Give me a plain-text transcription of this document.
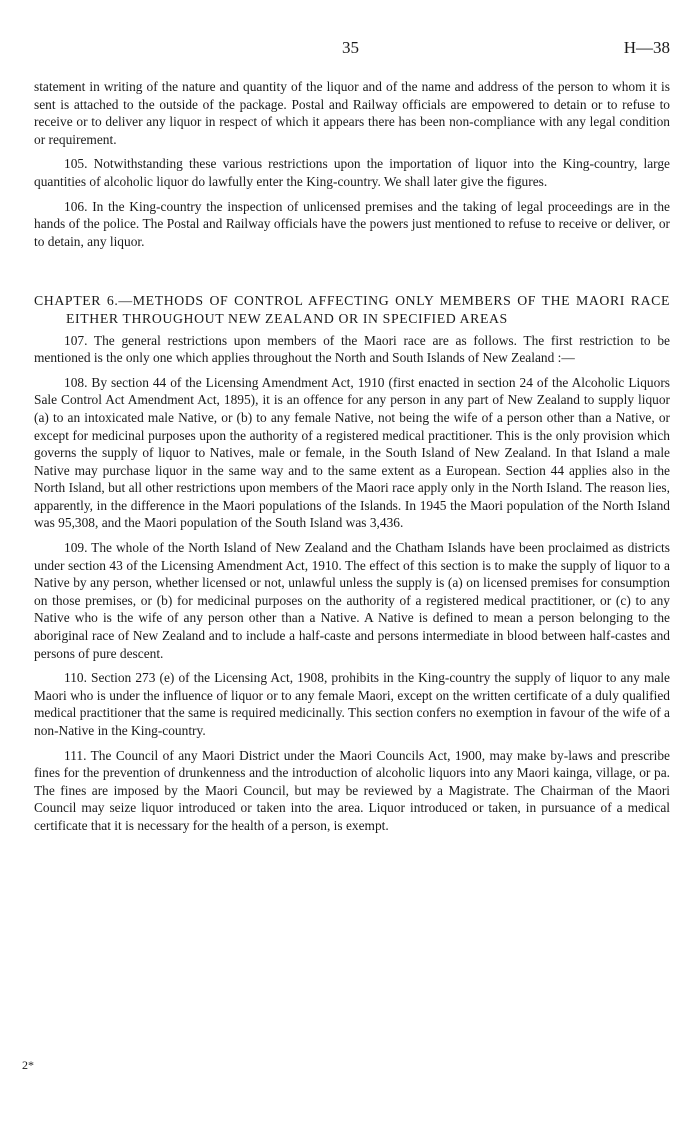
35	H—38

statement in writing of the nature and quantity of the liquor and of the name and address of the person to whom it is sent is attached to the outside of the package. Postal and Railway officials are empowered to detain or to refuse to receive or to deliver any liquor in respect of which it appears there has been non-compliance with any legal condition or requirement.

105. Notwithstanding these various restrictions upon the importation of liquor into the King-country, large quantities of alcoholic liquor do lawfully enter the King-country. We shall later give the figures.

106. In the King-country the inspection of unlicensed premises and the taking of legal proceedings are in the hands of the police. The Postal and Railway officials have the powers just mentioned to refuse to receive or deliver, or to detain, any liquor.

CHAPTER 6.—METHODS OF CONTROL AFFECTING ONLY MEMBERS OF THE MAORI RACE EITHER THROUGHOUT NEW ZEALAND OR IN SPECIFIED AREAS

107. The general restrictions upon members of the Maori race are as follows. The first restriction to be mentioned is the only one which applies throughout the North and South Islands of New Zealand :—

108. By section 44 of the Licensing Amendment Act, 1910 (first enacted in section 24 of the Alcoholic Liquors Sale Control Act Amendment Act, 1895), it is an offence for any person in any part of New Zealand to supply liquor (a) to an intoxicated male Native, or (b) to any female Native, not being the wife of a person other than a Native, or except for medicinal purposes upon the authority of a registered medical practitioner. This is the only provision which governs the supply of liquor to Natives, male or female, in the South Island of New Zealand. In that Island a male Native may purchase liquor in the same way and to the same extent as a European. Section 44 applies also in the North Island, but all other restrictions upon members of the Maori race apply only in the North Island. The reason lies, apparently, in the difference in the Maori populations of the Islands. In 1945 the Maori population of the North Island was 95,308, and the Maori population of the South Island was 3,436.

109. The whole of the North Island of New Zealand and the Chatham Islands have been proclaimed as districts under section 43 of the Licensing Amendment Act, 1910. The effect of this section is to make the supply of liquor to a Native by any person, whether licensed or not, unlawful unless the supply is (a) on licensed premises for consumption on those premises, or (b) for medicinal purposes on the authority of a registered medical practitioner, or (c) to any Native who is the wife of any person other than a Native. A Native is defined to mean a person belonging to the aboriginal race of New Zealand and to include a half-caste and persons intermediate in blood between half-castes and persons of pure descent.

110. Section 273 (e) of the Licensing Act, 1908, prohibits in the King-country the supply of liquor to any male Maori who is under the influence of liquor or to any female Maori, except on the written certificate of a duly qualified medical practitioner that the same is required medicinally. This section confers no exemption in favour of the wife of a non-Native in the King-country.

111. The Council of any Maori District under the Maori Councils Act, 1900, may make by-laws and prescribe fines for the prevention of drunkenness and the introduction of alcoholic liquors into any Maori kainga, village, or pa. The fines are imposed by the Maori Council, but may be reviewed by a Magistrate. The Chairman of the Maori Council may seize liquor introduced or taken into the area. Liquor introduced or taken, in pursuance of a medical certificate that it is necessary for the health of a person, is exempt.

2*
